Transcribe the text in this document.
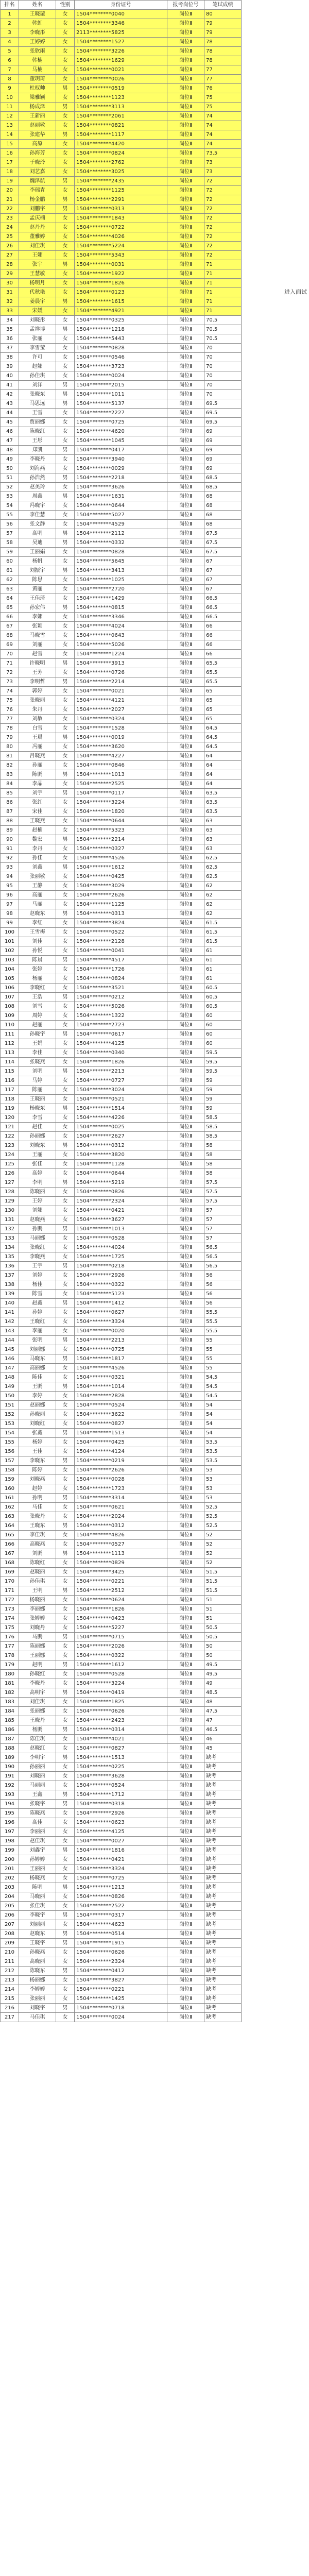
排名	姓名	性别	身份证号	报考岗位号	笔试成绩	
1	王晓璇	女	1504********0040	岗位Ⅱ	80	
2	韩虹	女	1504********3346	岗位Ⅱ	79	
3	李晓彤	女	2113********5825	岗位Ⅱ	79	
4	王婷婷	女	1504********1527	岗位Ⅱ	78	
5	张欣雨	女	1504********3226	岗位Ⅱ	78	
6	韩楠	女	1504********1629	岗位Ⅱ	78	
7	马楠	女	1504********0021	岗位Ⅱ	77	
8	董玥琦	女	1504********0026	岗位Ⅱ	77	
9	杜权帅	男	1504********0519	岗位Ⅱ	76	
10	梁雅颖	女	1504********1123	岗位Ⅱ	75	
11	杨成泽	男	1504********3113	岗位Ⅱ	75	
12	王新丽	女	1504********2061	岗位Ⅱ	74	
13	赵丽敏	女	1504********0821	岗位Ⅱ	74	
14	张建华	男	1504********1117	岗位Ⅱ	74	
15	高原	女	1504********4420	岗位Ⅱ	74	
16	孙海芳	女	1504********0824	岗位Ⅱ	73.5	
17	于晓玲	女	1504********2762	岗位Ⅱ	73	
18	刘艺嘉	女	1504********3025	岗位Ⅱ	73	
19	魏泽航	男	1504********2435	岗位Ⅱ	72	
20	李瑞青	女	1504********1125	岗位Ⅱ	72	
21	杨金鹏	男	1504********2291	岗位Ⅱ	72	
22	刘鹏宇	男	1504********0313	岗位Ⅱ	72	
23	孟庆楠	女	1504********1843	岗位Ⅱ	72	
24	赵丹丹	女	1504********0722	岗位Ⅱ	72	
25	董雅婷	女	1504********4026	岗位Ⅱ	72	
26	刘佳琪	女	1504********5224	岗位Ⅱ	72	
27	王娜	女	1504********5343	岗位Ⅱ	72	
28	张宇	男	1504********0031	岗位Ⅱ	71	
29	王慧敏	女	1504********1922	岗位Ⅱ	71	
30	杨明月	女	1504********1826	岗位Ⅱ	71	
31	代秋艳	女	1504********0123	岗位Ⅱ	71	
32	姜晨宇	男	1504********1615	岗位Ⅱ	71	
33	宋媛	女	1504********4921	岗位Ⅱ	71	
34	刘晓彤	女	1504********0325	岗位Ⅱ	70.5	
35	孟祥博	男	1504********1218	岗位Ⅱ	70.5	
36	张丽	女	1504********5443	岗位Ⅱ	70.5	
37	李雪莹	女	1504********0828	岗位Ⅱ	70	
38	许可	女	1504********0546	岗位Ⅱ	70	
39	赵娜	女	1504********3723	岗位Ⅱ	70	
40	孙佳琪	女	1504********0024	岗位Ⅱ	70	
41	刘洋	男	1504********2015	岗位Ⅱ	70	
42	张晓东	男	1504********1011	岗位Ⅱ	70	
43	马思远	男	1504********5137	岗位Ⅱ	69.5	
44	王雪	女	1504********2227	岗位Ⅱ	69.5	
45	贾丽娜	女	1504********0725	岗位Ⅱ	69.5	
46	陈晓红	女	1504********4620	岗位Ⅱ	69	
47	王彤	女	1504********1045	岗位Ⅱ	69	
48	郑凯	男	1504********0417	岗位Ⅱ	69	
49	李晓丹	女	1504********3940	岗位Ⅱ	69	
50	刘海燕	女	1504********0029	岗位Ⅱ	69	
51	孙浩然	男	1504********2218	岗位Ⅱ	68.5	
52	赵美玲	女	1504********3626	岗位Ⅱ	68.5	
53	周鑫	男	1504********1631	岗位Ⅱ	68	
54	冯晓宇	女	1504********0644	岗位Ⅱ	68	
55	李佳慧	女	1504********5027	岗位Ⅱ	68	
56	张文静	女	1504********4529	岗位Ⅱ	68	
57	高明	男	1504********2112	岗位Ⅱ	67.5	
58	吴迪	男	1504********0332	岗位Ⅱ	67.5	
59	王丽娟	女	1504********0828	岗位Ⅱ	67.5	
60	杨帆	女	1504********5645	岗位Ⅱ	67	
61	刘振宇	男	1504********3413	岗位Ⅱ	67	
62	陈思	女	1504********1025	岗位Ⅱ	67	
63	黄丽	女	1504********2720	岗位Ⅱ	67	
64	王佳琦	女	1504********1429	岗位Ⅱ	66.5	
65	孙宏伟	男	1504********0815	岗位Ⅱ	66.5	
66	李娜	女	1504********3346	岗位Ⅱ	66.5	
67	张颖	女	1504********4024	岗位Ⅱ	66	
68	马晓雪	女	1504********0643	岗位Ⅱ	66	
69	刘丽	女	1504********5026	岗位Ⅱ	66	
70	赵雪	女	1504********1224	岗位Ⅱ	66	
71	许晓明	男	1504********3913	岗位Ⅱ	65.5	
72	王芳	女	1504********0726	岗位Ⅱ	65.5	
73	李明哲	男	1504********2214	岗位Ⅱ	65.5	
74	郭婷	女	1504********0021	岗位Ⅱ	65	
75	张晓丽	女	1504********4121	岗位Ⅱ	65	
76	朱丹	女	1504********2027	岗位Ⅱ	65	
77	刘敏	女	1504********0324	岗位Ⅱ	65	
78	白雪	女	1504********1528	岗位Ⅱ	64.5	
79	王晨	男	1504********0019	岗位Ⅱ	64.5	
80	冯丽	女	1504********3620	岗位Ⅱ	64.5	
81	吕晓燕	女	1504********4227	岗位Ⅱ	64	
82	孙丽	女	1504********0846	岗位Ⅱ	64	
83	陈鹏	男	1504********1013	岗位Ⅱ	64	
84	李晶	女	1504********2525	岗位Ⅱ	64	
85	刘宇	男	1504********0117	岗位Ⅱ	63.5	
86	张红	女	1504********3224	岗位Ⅱ	63.5	
87	宋佳	女	1504********1820	岗位Ⅱ	63.5	
88	王晓燕	女	1504********0644	岗位Ⅱ	63	
89	赵楠	女	1504********5323	岗位Ⅱ	63	
90	魏宏	男	1504********2214	岗位Ⅱ	63	
91	李丹	女	1504********0327	岗位Ⅱ	63	
92	孙佳	女	1504********4526	岗位Ⅱ	62.5	
93	刘鑫	男	1504********1612	岗位Ⅱ	62.5	
94	张丽敏	女	1504********0425	岗位Ⅱ	62.5	
95	王静	女	1504********3029	岗位Ⅱ	62	
96	高丽	女	1504********2626	岗位Ⅱ	62	
97	马丽	女	1504********1125	岗位Ⅱ	62	
98	赵晓东	男	1504********0313	岗位Ⅱ	62	
99	李红	女	1504********3824	岗位Ⅱ	61.5	
100	王雪梅	女	1504********0522	岗位Ⅱ	61.5	
101	刘佳	女	1504********2128	岗位Ⅱ	61.5	
102	孙悦	女	1504********0041	岗位Ⅱ	61	
103	陈晨	男	1504********4517	岗位Ⅱ	61	
104	张婷	女	1504********1726	岗位Ⅱ	61	
105	杨丽	女	1504********0824	岗位Ⅱ	61	
106	李晓红	女	1504********3521	岗位Ⅱ	60.5	
107	王浩	男	1504********0212	岗位Ⅱ	60.5	
108	刘雪	女	1504********5026	岗位Ⅱ	60.5	
109	周婷	女	1504********1322	岗位Ⅱ	60	
110	赵丽	女	1504********2723	岗位Ⅱ	60	
111	孙晓宇	男	1504********0617	岗位Ⅱ	60	
112	王娟	女	1504********4125	岗位Ⅱ	60	
113	李佳	女	1504********0340	岗位Ⅱ	59.5	
114	张晓燕	女	1504********1826	岗位Ⅱ	59.5	
115	刘明	男	1504********2213	岗位Ⅱ	59.5	
116	马婷	女	1504********0727	岗位Ⅱ	59	
117	陈丽	女	1504********3024	岗位Ⅱ	59	
118	王晓丽	女	1504********0521	岗位Ⅱ	59	
119	杨晓东	男	1504********1514	岗位Ⅱ	59	
120	李雪	女	1504********4226	岗位Ⅱ	58.5	
121	赵佳	女	1504********0025	岗位Ⅱ	58.5	
122	孙丽娜	女	1504********2627	岗位Ⅱ	58.5	
123	刘晓东	男	1504********0312	岗位Ⅱ	58	
124	王丽	女	1504********3820	岗位Ⅱ	58	
125	张佳	女	1504********1128	岗位Ⅱ	58	
126	高婷	女	1504********0644	岗位Ⅱ	58	
127	李明	男	1504********5219	岗位Ⅱ	57.5	
128	陈晓丽	女	1504********0826	岗位Ⅱ	57.5	
129	王婷	女	1504********2324	岗位Ⅱ	57.5	
130	刘娜	女	1504********0421	岗位Ⅱ	57	
131	赵晓燕	女	1504********3627	岗位Ⅱ	57	
132	孙鹏	男	1504********1013	岗位Ⅱ	57	
133	马丽娜	女	1504********0528	岗位Ⅱ	57	
134	张晓红	女	1504********4024	岗位Ⅱ	56.5	
135	李晓燕	女	1504********1725	岗位Ⅱ	56.5	
136	王宇	男	1504********0218	岗位Ⅱ	56.5	
137	刘婷	女	1504********2926	岗位Ⅱ	56	
138	杨佳	女	1504********0322	岗位Ⅱ	56	
139	陈雪	女	1504********5123	岗位Ⅱ	56	
140	赵鑫	男	1504********1412	岗位Ⅱ	56	
141	孙婷	女	1504********0627	岗位Ⅱ	55.5	
142	王晓红	女	1504********3324	岗位Ⅱ	55.5	
143	李丽	女	1504********0020	岗位Ⅱ	55.5	
144	张明	男	1504********2213	岗位Ⅱ	55	
145	刘丽娜	女	1504********0725	岗位Ⅱ	55	
146	马晓东	男	1504********1817	岗位Ⅱ	55	
147	高丽娜	女	1504********4526	岗位Ⅱ	55	
148	陈佳	女	1504********0321	岗位Ⅱ	54.5	
149	王鹏	男	1504********1014	岗位Ⅱ	54.5	
150	李婷	女	1504********2828	岗位Ⅱ	54.5	
151	赵丽娜	女	1504********0524	岗位Ⅱ	54	
152	孙晓丽	女	1504********3622	岗位Ⅱ	54	
153	刘晓红	女	1504********0827	岗位Ⅱ	54	
154	张鑫	男	1504********1513	岗位Ⅱ	54	
155	杨婷	女	1504********0425	岗位Ⅱ	53.5	
156	王佳	女	1504********4124	岗位Ⅱ	53.5	
157	李晓东	男	1504********0219	岗位Ⅱ	53.5	
158	陈婷	女	1504********2626	岗位Ⅱ	53	
159	刘晓燕	女	1504********0028	岗位Ⅱ	53	
160	赵婷	女	1504********1723	岗位Ⅱ	53	
161	孙明	男	1504********3314	岗位Ⅱ	53	
162	马佳	女	1504********0621	岗位Ⅱ	52.5	
163	张晓丹	女	1504********2024	岗位Ⅱ	52.5	
164	王晓东	男	1504********0312	岗位Ⅱ	52.5	
165	李佳琪	女	1504********4826	岗位Ⅱ	52	
166	高晓燕	女	1504********0527	岗位Ⅱ	52	
167	刘鹏	男	1504********1113	岗位Ⅱ	52	
168	陈晓红	女	1504********0829	岗位Ⅱ	52	
169	赵晓丽	女	1504********3425	岗位Ⅱ	51.5	
170	孙佳琪	女	1504********0221	岗位Ⅱ	51.5	
171	王明	男	1504********2512	岗位Ⅱ	51.5	
172	杨晓丽	女	1504********0624	岗位Ⅱ	51	
173	李丽娜	女	1504********1826	岗位Ⅱ	51	
174	张婷婷	女	1504********0423	岗位Ⅱ	51	
175	刘晓丹	女	1504********5227	岗位Ⅱ	50.5	
176	马鹏	男	1504********0715	岗位Ⅱ	50.5	
177	陈丽娜	女	1504********2026	岗位Ⅱ	50	
178	王丽娜	女	1504********0322	岗位Ⅱ	50	
179	赵明	男	1504********1612	岗位Ⅱ	49.5	
180	孙晓红	女	1504********0528	岗位Ⅱ	49.5	
181	李晓丹	女	1504********3224	岗位Ⅱ	49	
182	高明宇	男	1504********0419	岗位Ⅱ	48.5	
183	刘佳琪	女	1504********1825	岗位Ⅱ	48	
184	张丽娜	女	1504********0626	岗位Ⅱ	47.5	
185	王晓丹	女	1504********2423	岗位Ⅱ	47	
186	杨鹏	男	1504********0314	岗位Ⅱ	46.5	
187	陈佳琪	女	1504********4021	岗位Ⅱ	46	
188	赵晓红	女	1504********0827	岗位Ⅱ	45	
189	李明宇	男	1504********1513	岗位Ⅱ	缺考	
190	孙丽丽	女	1504********0225	岗位Ⅱ	缺考	
191	刘晓丽	女	1504********3628	岗位Ⅱ	缺考	
192	马丽丽	女	1504********0524	岗位Ⅱ	缺考	
193	王鑫	男	1504********1712	岗位Ⅱ	缺考	
194	张晓宇	男	1504********0318	岗位Ⅱ	缺考	
195	陈晓燕	女	1504********2926	岗位Ⅱ	缺考	
196	高佳	女	1504********0623	岗位Ⅱ	缺考	
197	李丽丽	女	1504********4125	岗位Ⅱ	缺考	
198	赵佳琪	女	1504********0027	岗位Ⅱ	缺考	
199	刘鑫宇	男	1504********1816	岗位Ⅱ	缺考	
200	孙婷婷	女	1504********0421	岗位Ⅱ	缺考	
201	王丽丽	女	1504********3324	岗位Ⅱ	缺考	
202	杨晓燕	女	1504********0725	岗位Ⅱ	缺考	
203	陈明	男	1504********1213	岗位Ⅱ	缺考	
204	马晓丽	女	1504********0826	岗位Ⅱ	缺考	
205	张佳琪	女	1504********2522	岗位Ⅱ	缺考	
206	李晓宇	男	1504********0317	岗位Ⅱ	缺考	
207	刘丽丽	女	1504********4623	岗位Ⅱ	缺考	
208	赵晓东	男	1504********0514	岗位Ⅱ	缺考	
209	王晓宇	男	1504********1915	岗位Ⅱ	缺考	
210	孙晓燕	女	1504********0626	岗位Ⅱ	缺考	
211	高晓丽	女	1504********2324	岗位Ⅱ	缺考	
212	陈晓东	男	1504********0412	岗位Ⅱ	缺考	
213	杨丽娜	女	1504********3827	岗位Ⅱ	缺考	
214	李婷婷	女	1504********0221	岗位Ⅱ	缺考	
215	张丽丽	女	1504********1425	岗位Ⅱ	缺考	
216	刘晓宇	男	1504********0718	岗位Ⅱ	缺考	
217	马佳琪	女	1504********0024	岗位Ⅱ	缺考	
进入面试
